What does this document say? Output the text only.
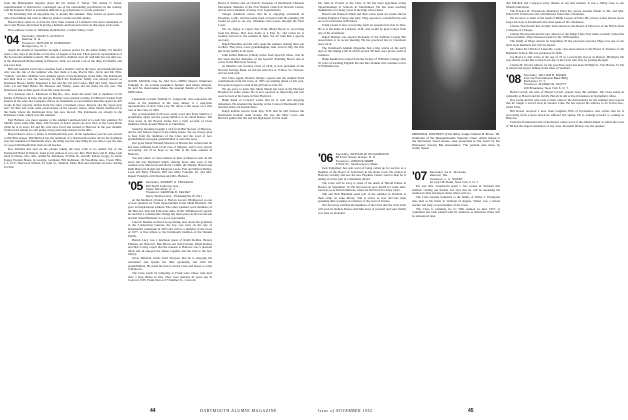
from the Philadelphia Inquirer about the Dr. Arthur F. Nolan. "Mr. Arthur F. Nolan, superintendent at Norristown, considered one of the outstanding psychiatrists in the country, said the Inquirer that it is extremely difficult to get physicians to accept positions."

The Kittatinny had an enjoyable trip to Alaska this summer. They visited on speed some time at Ketchikan and went to Sitka by plane to round out their junket.

Harold Ross sends us at from the New York Journal of Commerce the latest retirement of one Louis Hawes advertised in giving a humane and honored review in that paper each week.

New address: Lester A. Williams, Robbins Rd., Carmel Valley, Calif.

'04 Secretary, DAVID S. AUSTIN II
Nashua, N. H.
Treasurer, ARTHUR M. ROBINSON
Montgomery, N. J.

Again the month of September brought a serious period for the Allen family. Ed Sheffer spent a few days at his home on the first of August at the Inn. Then spent in representation of the Secretaries Alumni Council. His wife and five children were all with him but one time too, at the Dartmouth Homecoming in Hanover. Well, we all had a tip of the time; Ed Sheffer and son were here.

Bill and Arabella Jarvis have returned from a month's visit in the West, and Dartmouth men who was the fun of the summer who met them at Lake Placid. Mrs. Jarvis and Mr. Ellis. "Johnny" and Mrs. Mathias were summer guests of the Robinsons in the hills. The Robinsons had their luck to visit the Secretary in which the Pondexter family was already known as Robinson Brook; family happened to Ike and his, Ed and Louise, Bird and Sally, Speed and Julia. Lil and Mud Burns, the Mossers and Wendy. Gene did not make the trip east. The Robinsons had as their guests from Mr. Gene Stowell.

W.J. Andover and L. MacKeen of Bel Ro., Twe, made his usual visit to members of his family in Hanover in June. He and the Bristols were greeted warmly. Ed Bristol's friends from Kansas in the Glee and Company offices on September as Government Revenue Agent he still works in that capacity. Oeleje Kent has since a business career. Reports and the "good gray ben" for Bob and wade some observations on his retreat's whole, when family transferred to the home where the Robinsons have just now moved. The Robinsons are already in the Robinson Cabin, which was still summer.

Earl Bullock was guest speaker at the Alumni Luncheon held at Lowell this summer. Ed Sheffer spent some time there. Jim Swayze of Texas reports he now lives at the Cotes Hotel while he is in town. Ed and his wife have lived and learned at Hanover in the past months. Twins in the family are still going strong with large interest in the hills.

Harold Ross's son is a junior at Dartmouth this year. In his sophomore year he was elected to Phi Beta Kappa. Bill Bullock has the ambition of a Dartmouth teacher and in his freshman year has remained at Dartmouth since, the thing was the only thing he was able to get the idea of a good Dartmouth man from an old teacher.

Roy Robbins has sent on his picture taking the Glee Club to its annual trip of the Dartmouth Band in Illinois. Send us his address if you can. Mrs. Bull Ross and R. Ring, both lived in Dallas, Tex.; Mrs. Arthur M. Robinson, 45 Pine St., and Mr. Robert Gregg, Jr., Delta Kappa Epsilon House in Georgia, Germany. Bill Robinson, 36 Woodbine Ave., Forest Hills, L.I., N.Y.; Sherwood Wilson, 24 Lynn St., Taunton, Mass. Bob and Gertrude are here visiting in 1954.

GOOD ADVICE may be had from 1905's Rupert Chalmers Fraleigh Jr., as a bank president, banker, and active citizens; he and his classmates share the special thanks of the entire 1905 class.

Lieutenant Colonel William N. Langworth, who represents the oldest of the members at the class dinner, is a long-time representative of New York City. He offers a full report on a fine tour of the Class of 1905.

Our correspondent from Iowa sends word that Earle Smith is a grandfather again and the young Smith is to be called Robert. The class notes in the Boston Globe had a brief account of Class members living around Hanover at Christmas.

Saturday morning brought a visit from Bill Stewart of Hanover, and he and Nelson stayed at the family house. We are always glad to hear from the members of the Class and the word of new grandchildren and great grandchildren is welcome news.

Our good friend Wendell Marston of Boston has written that he has been suffering from a bad case of shingles, and is now slowly recovering. All of us hope to see him at the June reunion in Hanover.

Van and others of class reunion in June at Hanover sent on the notes the late Raymond Smith. Among those who were at the reunion were Sherwood and Harry Collins, the Dakins, Harold and Ruth Hartwell, Ralph and Margaret Lewis, Earl and Marion Bailey, Leon and Betty Tibbetts, Bill and Mary Fraleigh, Dr. and Mrs. Rupert Fraleigh, with Norman and Mrs. Hudson.

'05 Secretary, RUPERT H. FRALEIGH
620 North Fullerton Ave.,
Upper Montclair, N. J.
Treasurer, GEORGE R. KELSEY
Stony Stratton Ave., Philadelphia (5, Pa.)

At the Medford, October 4, Harvey Grover Wintherowd as one of four speakers on 'Sales Opportunities in the Small Business'. He gave an inspirational address. The other speakers were members of the Harvard, Yale and Princeton clubs. In Mr. Wintherowd's speech he said that a considerable change has taken place in the last decade and the 'Small Business' is a good opportunity.

Lincoln Daniels received an upcoming note about his grandson in the Connecticut Gazette: the boy was born on the day of Dartmouth's centennial in 1955 and will be a member of the Class of 1977. A fine tribute to the Dartmouth tradition of the Daniels family.

Burton Lucy was a luncheon guest of Ralph Rollins, Hersey Pittman, Art Bancroft, Ben Bacon and Sam Farnum. Ralph Rollins and Bob Crosby report that the reunion at Hanover was a pleasant affair and all enjoyed the dinner together and the visit to the new library.

Oscar Baldwin writes from Newport that he is enjoying his retirement and spends his time gardening and with his grandchildren. He sends his best to all the Class and hopes to come to Hanover.

The Class sends its sympathy to Frank Gale whose wife died after a long illness in July. They were married 43 years ago in Concord, N.H. Frank lives at 27 Summer St., Concord.

Board of Editors and on Church. Treasurer of Dartmouth Christian Movement. Member of the First Baptist Church in Newton Centre, and an active member of many civic organizations.

Sturges Kendrick writes that he is enjoying retirement in Pasadena, Calif., and has lately been occupied with his painting. He would be glad to see any classmate who passes through the West Coast.

We are happy to report that Frank (Bull) Bacon is recovering from his illness. He's now home at 4 East St., and writes he is looking forward to the reunion in June. We all wish him a speedy recovery.

Ralph Hazeltine and his wife spent the summer visiting their son in Ohio. They have a new granddaughter, Ann, born in July, the first girl in the family in 40 years.

John Arthur Bullock (Chick) writes from Ipswich, Mass., that he has been elected chairman of the Ipswich Planning Board and is active in the Historical Society.

Al Martin's son Gordon, Class of 1934, is now president of the Newton Savings Bank. Al and his wife live at 15 Bow St., Newton, and are both well.

Our Class Agent, Herbert Sturgis, reports that the Alumni Fund contributions from the Class of 1905 are running ahead of last year. Everyone is urged to send in his gift before June 30.

We are sorry to learn that Julian Marsh has been in the Hartford Hospital for some weeks. He is now reported as improving and will soon be back at his home in West Hartford.

Hugh Rand of Concord writes that he is well and enjoying retirement. He attended the meeting of the Concord Dartmouth Club and met many old friends there.

Ralph Rollins reports from Rye, N.H. that he still follows the Dartmouth football team closely. He saw the Holy Cross and Harvard games this fall and has high hopes for the team.

'06 Secretary, ARTHUR W. RICHARDSON
88 Front Street, Exeter, N. H.
Treasurer, HORACE WEBB
2 Park St., Newburyport, Mass.

Jack Kingsbury has sent word of being called up for service as a member of the Board of Selectmen in his home town. He visited in Hanover recently and saw the new Hopkins Center. Glad to hear he is taking an active part in community affairs.

The Class will be sorry to learn of the death of Harold Parker in Boston on September 10. He had been in poor health for some time. Services were held in Melrose, where he had lived for many years.

Sim and Nell Burnham spent part of the summer in Vermont at their camp on Lake Morey. Sim is active as ever and has been spending time working on a history of the town of Fairlee.

Our Secretary reminds the members of the Class that the class letter will soon be mailed. Please send him news of yourself and your family so it may be included.

Mr. John R. Everett of the Class of '06 has been appointed acting Superintendent of Schools in Marblehead. He has been teaching mathematics for many years in the high school there.

Harold and Winston Smith and their wives spent six weeks abroad visiting England, France and Italy. They reported a wonderful trip and are now back home in Hartford.

Frank Cloud is now recovering from an operation he had in June. He is at his home in Lebanon, N.H., and would be glad to hear from any of his classmates.

Ralph Holmes was elected President of the Sullivan County Bar Association at its recent meeting. He has practiced law in Claremont since 1912.

The Dartmouth Alumni Magazine had a fine article on the early days of the Outing Club in which several '06 men were given credit as founders.

Hugh Rankin has retired from the faculty of Williams College after 35 years of teaching English. He and Mrs. Rankin will continue to live in Williamstown.

MEMORIAL PORTRAIT of his father Judge Charles B. Bruse, '05, Chairman of the Massachusetts Superior Court, which hangs in the Worcester Court House, was presented to the Court by the Worcester County Bar Association. The portrait was done by Arthur Spear.
'07 Secretary, Ira H. Jandreau
Hanover, Me.
Treasurer, L. C. SMART
10 Lyle Hill Road, New York 4, N. Y.

Pat and Mrs. Gruenwald spent a few weeks in Vermont this summer visiting old friends. Pat says that he will be attending the reunion in June and hopes many others will too.

The Class extends sympathy to the family of Walter J. Thompson who died at his home in Vermont in August. Walter was a retired teacher and long a loyal member of the Class.

The Class is planning for its 50th reunion in June 1957. A committee has been named with Ira Jandreau as chairman. Plans will be announced later.

that Mitchell and I enjoyed every minute of our fine reunion. It was a fitting close to our fiftieth celebration.

The Edward H. Esterbrook Memorial Fund has grown steadily thanks to Mr. and Mrs. Edward H. Esterbrook and contributions from other classmates.

We are sorry to learn of the death of Philip Cooper of Paris. His widow writes that he never forgot his days at Dartmouth and often spoke of his classmates.

Charles Woodworth has recently been elected to the Board of Directors of the Harris Trust Company of Chicago.

Charlie Woodworth and the new director of the Ridge Club, Fred Allen, recently visited the Class president. They discussed plans for the 1958 reunion.

The family of Hugo Arborn on September 20 has just been reported. Hugo was one of our most loyal members and will be missed.

Mr. James M. O'Dell of Lakeville, Conn., has been elected to the Board of Trustees of the Berkshire School. His son graduated in 1940.

Joe Boyce is still active at the age of 70 as a practicing lawyer in Detroit, Michigan. He says that he would like to hear from any of the Class who may be passing through.

Charles B. Wood's address for the past three years has been 26 High St., Fair Haven, Vt. He is retired and enjoys fishing in the lakes of Vermont.

'08 Secretary, WILLIAM B. RAVEN
41st Central National Bank Bldg.
Rochester, N. Y.
Treasurer, ALFRED W. SCOTT
219 Broadway, New York 6, N. Y.

Helen Carroll, the wife of Harold Carroll, passed away this summer. The Class sends its sympathy to Harold and his family. Harold is still active in business in Springfield, Mass.

Roy Joslin and his wife went to their camp in the Adirondacks for the summer. Roy reports that he caught a record trout in Saranac Lake. He has moved his address to 45 Forest Ave., Glens Falls.

Bill Raven received a note from Leighton Hall of Providence who writes that he is recovering from a heart attack he suffered last spring. He is looking forward to coming to Hanover.

From the Dartmouth Club of Rochester comes word of the annual dinner at which the Class of '08 had the largest attendance of any class. President Dickey was the speaker.

44	DARTMOUTH ALUMNI MAGAZINE	Issue of NOVEMBER 1952	45
